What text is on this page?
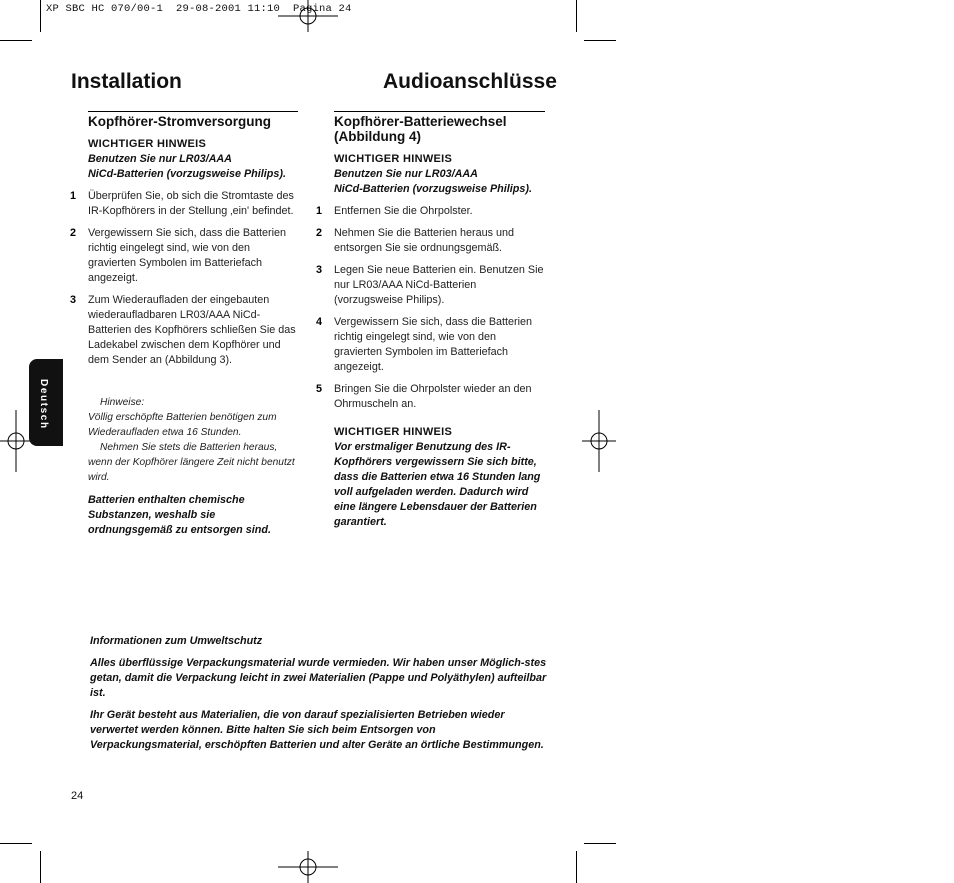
XP SBC HC 070/00-1  29-08-2001 11:10  Pagina 24
Installation	Audioanschlüsse
Deutsch
Kopfhörer-Stromversorgung
WICHTIGER HINWEIS
Benutzen Sie nur LR03/AAA
NiCd-Batterien (vorzugsweise Philips).
1	Überprüfen Sie, ob sich die Stromtaste des IR-Kopfhörers in der Stellung ‚ein' befindet.
2	Vergewissern Sie sich, dass die Batterien richtig eingelegt sind, wie von den gravierten Symbolen im Batteriefach angezeigt.
3	Zum Wiederaufladen der eingebauten wiederaufladbaren LR03/AAA NiCd-Batterien des Kopfhörers schließen Sie das Ladekabel zwischen dem Kopfhörer und dem Sender an (Abbildung 3).
Hinweise:
Völlig erschöpfte Batterien benötigen zum Wiederaufladen etwa 16 Stunden.
Nehmen Sie stets die Batterien heraus, wenn der Kopfhörer längere Zeit nicht benutzt wird.
Batterien enthalten chemische Substanzen, weshalb sie ordnungsgemäß zu entsorgen sind.
Kopfhörer-Batteriewechsel
(Abbildung 4)
WICHTIGER HINWEIS
Benutzen Sie nur LR03/AAA
NiCd-Batterien (vorzugsweise Philips).
1	Entfernen Sie die Ohrpolster.
2	Nehmen Sie die Batterien heraus und entsorgen Sie sie ordnungsgemäß.
3	Legen Sie neue Batterien ein. Benutzen Sie nur LR03/AAA NiCd-Batterien (vorzugsweise Philips).
4	Vergewissern Sie sich, dass die Batterien richtig eingelegt sind, wie von den gravierten Symbolen im Batteriefach angezeigt.
5	Bringen Sie die Ohrpolster wieder an den Ohrmuscheln an.
WICHTIGER HINWEIS
Vor erstmaliger Benutzung des IR-Kopfhörers vergewissern Sie sich bitte, dass die Batterien etwa 16 Stunden lang voll aufgeladen werden. Dadurch wird eine längere Lebensdauer der Batterien garantiert.
Informationen zum Umweltschutz
Alles überflüssige Verpackungsmaterial wurde vermieden. Wir haben unser Möglich-stes getan, damit die Verpackung leicht in zwei Materialien (Pappe und Polyäthylen) aufteilbar ist.
Ihr Gerät besteht aus Materialien, die von darauf spezialisierten Betrieben wieder verwertet werden können. Bitte halten Sie sich beim Entsorgen von Verpackungsmaterial, erschöpften Batterien und alter Geräte an örtliche Bestimmungen.
24
